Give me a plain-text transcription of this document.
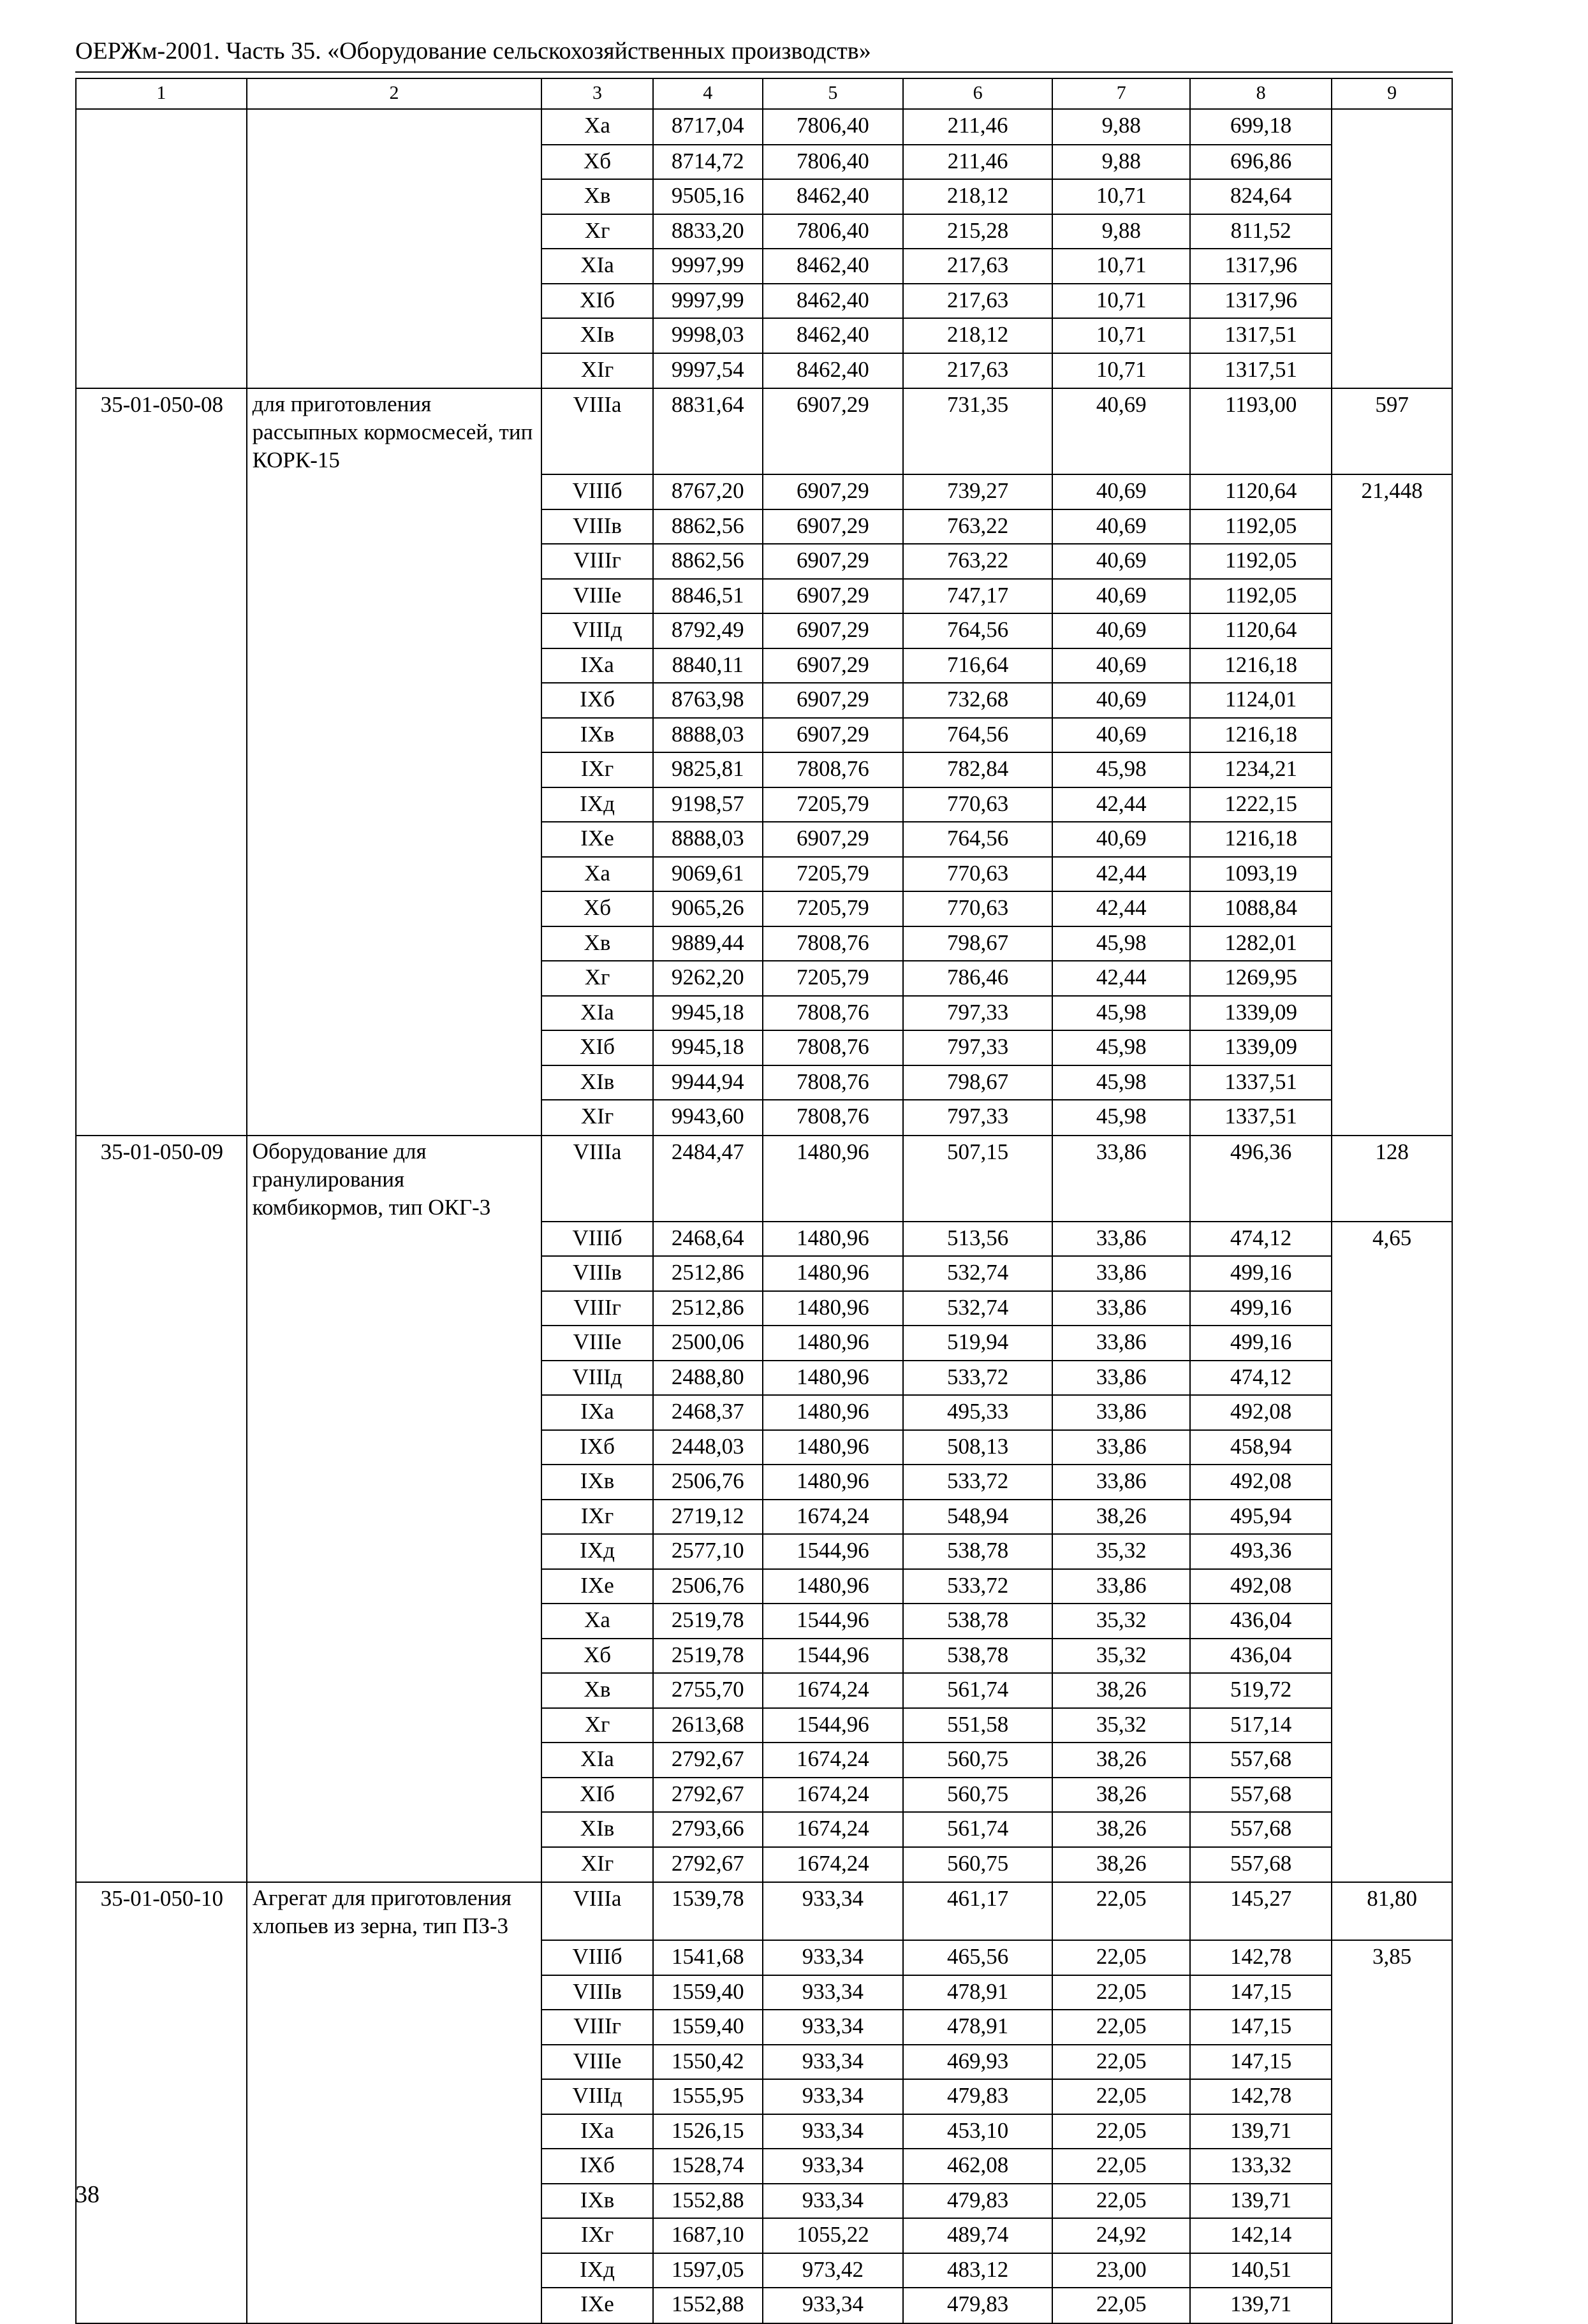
ОЕРЖм-2001. Часть 35. «Оборудование сельскохозяйственных производств»
1	2	3	4	5	6	7	8	9
		Xa	8717,04	7806,40	211,46	9,88	699,18	
		Xб	8714,72	7806,40	211,46	9,88	696,86	
		Xв	9505,16	8462,40	218,12	10,71	824,64	
		Xг	8833,20	7806,40	215,28	9,88	811,52	
		XIa	9997,99	8462,40	217,63	10,71	1317,96	
		XIб	9997,99	8462,40	217,63	10,71	1317,96	
		XIв	9998,03	8462,40	218,12	10,71	1317,51	
		XIг	9997,54	8462,40	217,63	10,71	1317,51	
35-01-050-08	для приготовления рассыпных кормосмесей, тип КОРК-15	VIIIa	8831,64	6907,29	731,35	40,69	1193,00	597
		VIIIб	8767,20	6907,29	739,27	40,69	1120,64	21,448
		VIIIв	8862,56	6907,29	763,22	40,69	1192,05	
		VIIIг	8862,56	6907,29	763,22	40,69	1192,05	
		VIIIе	8846,51	6907,29	747,17	40,69	1192,05	
		VIIIд	8792,49	6907,29	764,56	40,69	1120,64	
		IXa	8840,11	6907,29	716,64	40,69	1216,18	
		IXб	8763,98	6907,29	732,68	40,69	1124,01	
		IXв	8888,03	6907,29	764,56	40,69	1216,18	
		IXг	9825,81	7808,76	782,84	45,98	1234,21	
		IXд	9198,57	7205,79	770,63	42,44	1222,15	
		IXе	8888,03	6907,29	764,56	40,69	1216,18	
		Xa	9069,61	7205,79	770,63	42,44	1093,19	
		Xб	9065,26	7205,79	770,63	42,44	1088,84	
		Xв	9889,44	7808,76	798,67	45,98	1282,01	
		Xг	9262,20	7205,79	786,46	42,44	1269,95	
		XIa	9945,18	7808,76	797,33	45,98	1339,09	
		XIб	9945,18	7808,76	797,33	45,98	1339,09	
		XIв	9944,94	7808,76	798,67	45,98	1337,51	
		XIг	9943,60	7808,76	797,33	45,98	1337,51	
35-01-050-09	Оборудование для гранулирования комбикормов, тип ОКГ-3	VIIIa	2484,47	1480,96	507,15	33,86	496,36	128
		VIIIб	2468,64	1480,96	513,56	33,86	474,12	4,65
		VIIIв	2512,86	1480,96	532,74	33,86	499,16	
		VIIIг	2512,86	1480,96	532,74	33,86	499,16	
		VIIIе	2500,06	1480,96	519,94	33,86	499,16	
		VIIIд	2488,80	1480,96	533,72	33,86	474,12	
		IXa	2468,37	1480,96	495,33	33,86	492,08	
		IXб	2448,03	1480,96	508,13	33,86	458,94	
		IXв	2506,76	1480,96	533,72	33,86	492,08	
		IXг	2719,12	1674,24	548,94	38,26	495,94	
		IXд	2577,10	1544,96	538,78	35,32	493,36	
		IXе	2506,76	1480,96	533,72	33,86	492,08	
		Xa	2519,78	1544,96	538,78	35,32	436,04	
		Xб	2519,78	1544,96	538,78	35,32	436,04	
		Xв	2755,70	1674,24	561,74	38,26	519,72	
		Xг	2613,68	1544,96	551,58	35,32	517,14	
		XIa	2792,67	1674,24	560,75	38,26	557,68	
		XIб	2792,67	1674,24	560,75	38,26	557,68	
		XIв	2793,66	1674,24	561,74	38,26	557,68	
		XIг	2792,67	1674,24	560,75	38,26	557,68	
35-01-050-10	Агрегат для приготовления хлопьев из зерна, тип ПЗ-3	VIIIa	1539,78	933,34	461,17	22,05	145,27	81,80
		VIIIб	1541,68	933,34	465,56	22,05	142,78	3,85
		VIIIв	1559,40	933,34	478,91	22,05	147,15	
		VIIIг	1559,40	933,34	478,91	22,05	147,15	
		VIIIе	1550,42	933,34	469,93	22,05	147,15	
		VIIIд	1555,95	933,34	479,83	22,05	142,78	
		IXa	1526,15	933,34	453,10	22,05	139,71	
		IXб	1528,74	933,34	462,08	22,05	133,32	
		IXв	1552,88	933,34	479,83	22,05	139,71	
		IXг	1687,10	1055,22	489,74	24,92	142,14	
		IXд	1597,05	973,42	483,12	23,00	140,51	
		IXе	1552,88	933,34	479,83	22,05	139,71	
38
